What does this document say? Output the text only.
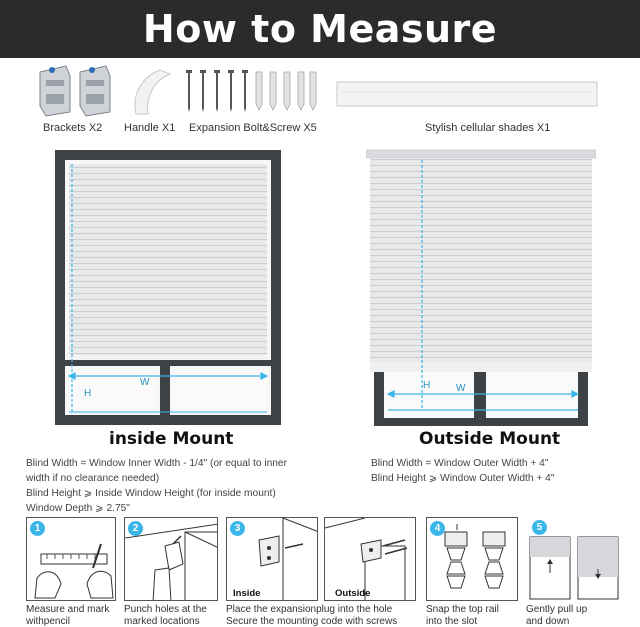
How to Measure
Brackets X2 Handle X1 Expansion Bolt&Screw X5	Stylish cellular shades X1
W
H
inside Mount
Blind Width = Window Inner Width - 1/4" (or equal to inner
width if no clearance needed)
Blind Height ⩾ Inside Window Height (for inside mount)
Window Depth ⩾ 2.75"
W
H
Outside Mount
Blind Width = Window Outer Width + 4"
Blind Height ⩾ Window Outer Width + 4"
1
Measure and mark
withpencil
2
Punch holes at the
marked locations
3
Inside	Outside
Place the expansionplug into the hole
Secure the mounting code with screws
4
Snap the top rail
into the slot
5
Gently pull up
and down
